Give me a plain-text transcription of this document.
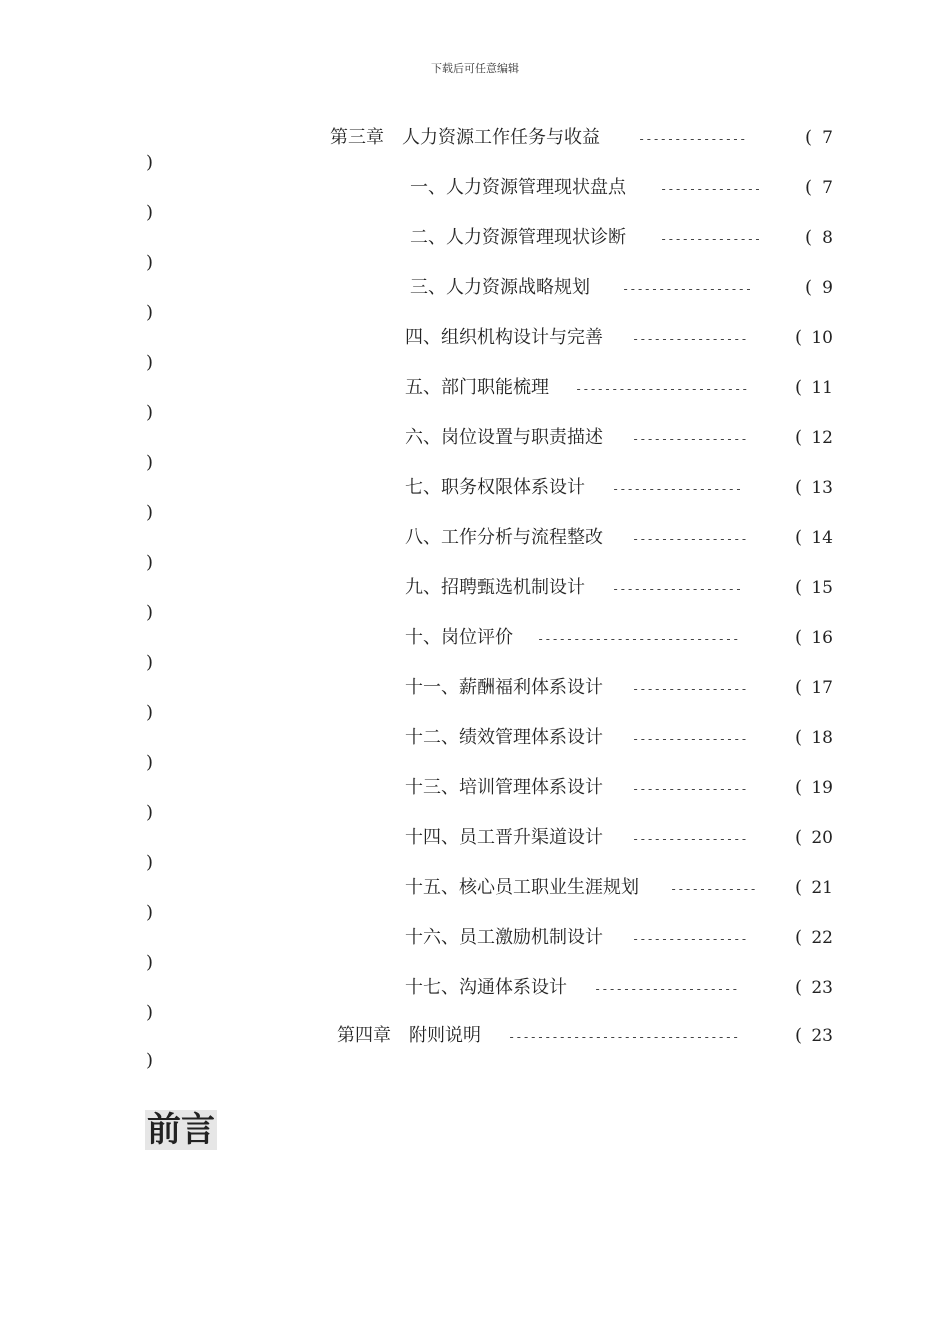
下载后可任意编辑
第三章　人力资源工作任务与收益	---------------	( 7
)
一、人力资源管理现状盘点	--------------	( 7
)
二、人力资源管理现状诊断	--------------	( 8
)
三、人力资源战略规划	------------------	( 9
)
四、组织机构设计与完善 ----------------	( 10
)
五、部门职能梳理 ------------------------	( 11
)
六、岗位设置与职责描述 ----------------	( 12
)
七、职务权限体系设计 ------------------	( 13
)
八、工作分析与流程整改 ----------------	( 14
)
九、招聘甄选机制设计 ------------------	( 15
)
十、岗位评价 ----------------------------	( 16
)
十一、薪酬福利体系设计 ----------------	( 17
)
十二、绩效管理体系设计 ----------------	( 18
)
十三、培训管理体系设计 ----------------	( 19
)
十四、员工晋升渠道设计 ----------------	( 20
)
十五、核心员工职业生涯规划	------------	( 21
)
十六、员工激励机制设计 ----------------	( 22
)
十七、沟通体系设计 --------------------	( 23
)
第四章　附则说明 --------------------------------	( 23
)
前言
